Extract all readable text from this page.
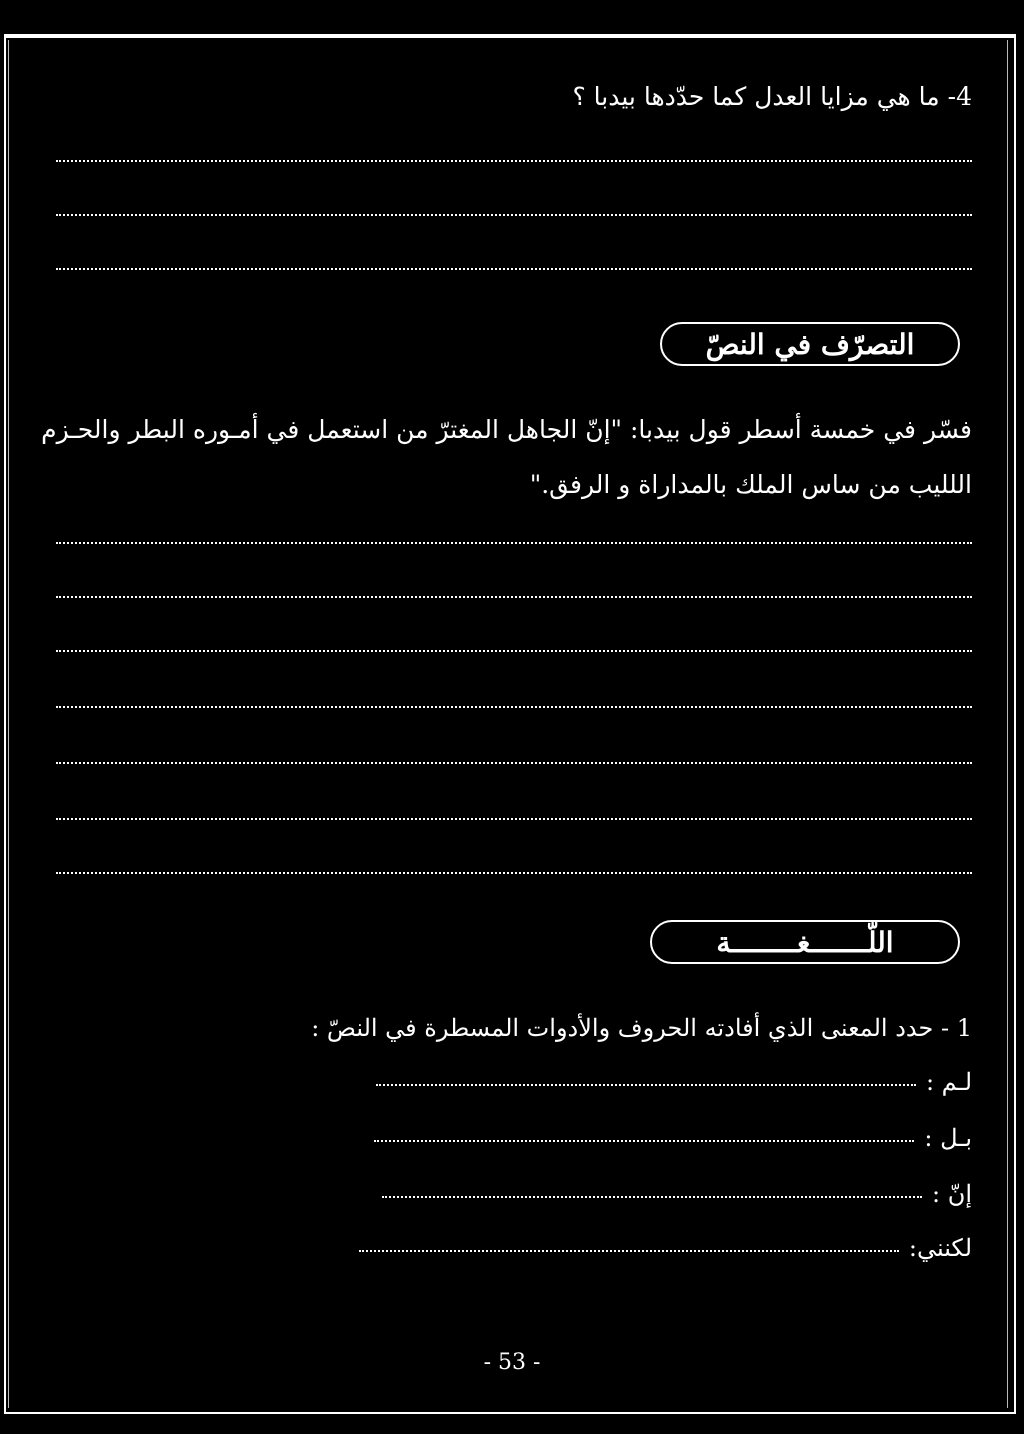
4- ما هي مزايا العدل كما حدّدها بيدبا ؟
التصرّف في النصّ
فسّر في خمسة أسطر قول بيدبا: "إنّ الجاهل المغترّ من استعمل في أمـوره البطر والحـزم
اللليب من ساس الملك بالمداراة و الرفق."
اللّـــــــغــــــــة
1 - حدد المعنى الذي أفادته الحروف والأدوات المسطرة في النصّ :
لـم :
بـل :
إنّ :
لكنني:
- 53 -
